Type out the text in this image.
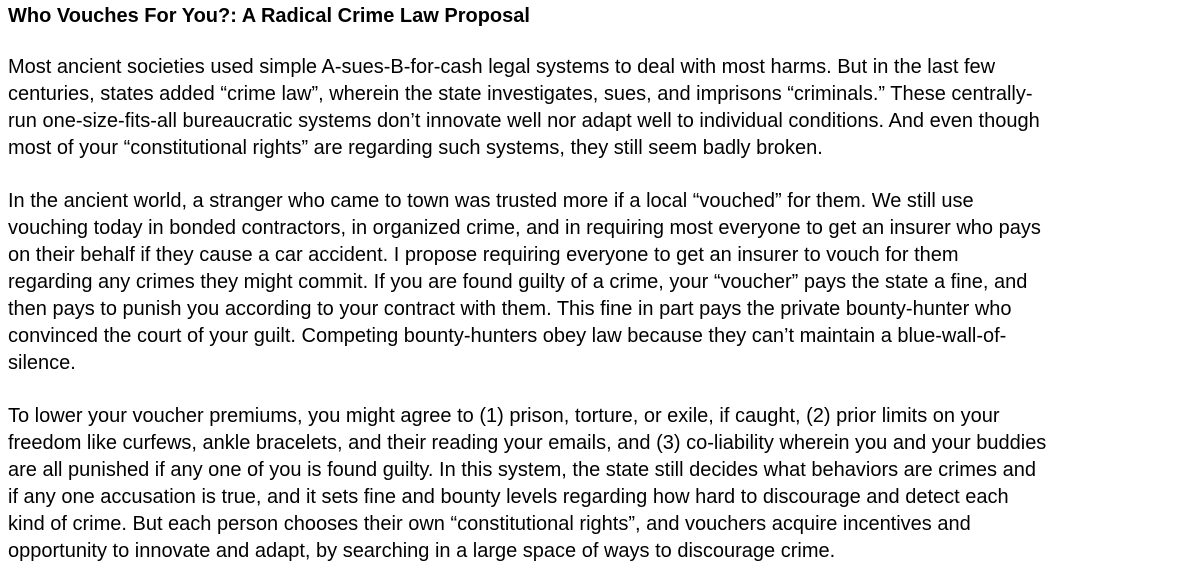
Who Vouches For You?: A Radical Crime Law Proposal

Most ancient societies used simple A-sues-B-for-cash legal systems to deal with most harms. But in the last few
centuries, states added “crime law”, wherein the state investigates, sues, and imprisons “criminals.” These centrally-
run one-size-fits-all bureaucratic systems don’t innovate well nor adapt well to individual conditions. And even though
most of your “constitutional rights” are regarding such systems, they still seem badly broken.

In the ancient world, a stranger who came to town was trusted more if a local “vouched” for them. We still use
vouching today in bonded contractors, in organized crime, and in requiring most everyone to get an insurer who pays
on their behalf if they cause a car accident. I propose requiring everyone to get an insurer to vouch for them
regarding any crimes they might commit. If you are found guilty of a crime, your “voucher” pays the state a fine, and
then pays to punish you according to your contract with them. This fine in part pays the private bounty-hunter who
convinced the court of your guilt. Competing bounty-hunters obey law because they can’t maintain a blue-wall-of-
silence.

To lower your voucher premiums, you might agree to (1) prison, torture, or exile, if caught, (2) prior limits on your
freedom like curfews, ankle bracelets, and their reading your emails, and (3) co-liability wherein you and your buddies
are all punished if any one of you is found guilty. In this system, the state still decides what behaviors are crimes and
if any one accusation is true, and it sets fine and bounty levels regarding how hard to discourage and detect each
kind of crime. But each person chooses their own “constitutional rights”, and vouchers acquire incentives and
opportunity to innovate and adapt, by searching in a large space of ways to discourage crime.
